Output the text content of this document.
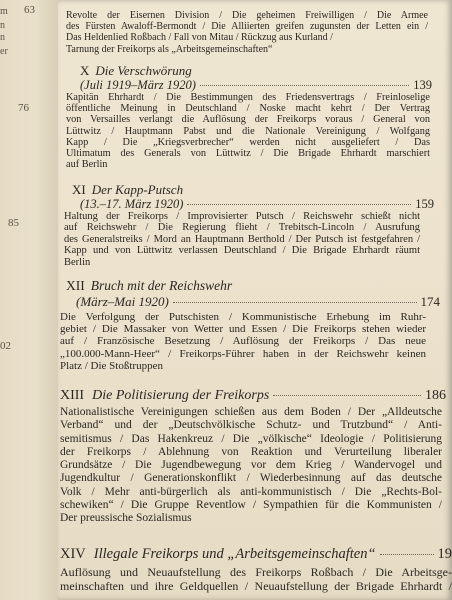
m
n
n
er
63
76
85
02
Revolte der Eisernen Division / Die geheimen Freiwilligen / Die Armee
des Fürsten Awaloff-Bermondt / Die Alliierten greifen zugunsten der Letten ein /
Das Heldenlied Roßbach / Fall von Mitau / Rückzug aus Kurland /
Tarnung der Freikorps als „Arbeitsgemeinschaften“
X Die Verschwörung
(Juli 1919–März 1920)	139
Kapitän Ehrhardt / Die Bestimmungen des Friedensvertrags / Freinloselige
öffentliche Meinung in Deutschland / Noske macht kehrt / Der Vertrag
von Versailles verlangt die Auflösung der Freikorps voraus / General von
Lüttwitz / Hauptmann Pabst und die Nationale Vereinigung / Wolfgang
Kapp / Die „Kriegsverbrecher“ werden nicht ausgeliefert / Das
Ultimatum des Generals von Lüttwitz / Die Brigade Ehrhardt marschiert
auf Berlin
XI Der Kapp-Putsch
(13.–17. März 1920)	159
Haltung der Freikorps / Improvisierter Putsch / Reichswehr schießt nicht
auf Reichswehr / Die Regierung flieht / Trebitsch-Lincoln / Ausrufung
des Generalstreiks / Mord an Hauptmann Berthold / Der Putsch ist festgefahren /
Kapp und von Lüttwitz verlassen Deutschland / Die Brigade Ehrhardt räumt
Berlin
XII Bruch mit der Reichswehr
(März–Mai 1920)	174
Die Verfolgung der Putschisten / Kommunistische Erhebung im Ruhr-
gebiet / Die Massaker von Wetter und Essen / Die Freikorps stehen wieder
auf / Französische Besetzung / Auflösung der Freikorps / Das neue
„100.000-Mann-Heer“ / Freikorps-Führer haben in der Reichswehr keinen
Platz / Die Stoßtruppen
XIII Die Politisierung der Freikorps	186
Nationalistische Vereinigungen schießen aus dem Boden / Der „Alldeutsche
Verband“ und der „Deutschvölkische Schutz- und Trutzbund“ / Anti-
semitismus / Das Hakenkreuz / Die „völkische“ Ideologie / Politisierung
der Freikorps / Ablehnung von Reaktion und Verurteilung liberaler
Grundsätze / Die Jugendbewegung vor dem Krieg / Wandervogel und
Jugendkultur / Generationskonflikt / Wiederbesinnung auf das deutsche
Volk / Mehr anti-bürgerlich als anti-kommunistisch / Die „Rechts-Bol-
schewiken“ / Die Gruppe Reventlow / Sympathien für die Kommunisten /
Der preussische Sozialismus
XIV Illegale Freikorps und „Arbeitsgemeinschaften“	19
Auflösung und Neuaufstellung des Freikorps Roßbach / Die Arbeitsge-
meinschaften und ihre Geldquellen / Neuaufstellung der Brigade Ehrhardt /
